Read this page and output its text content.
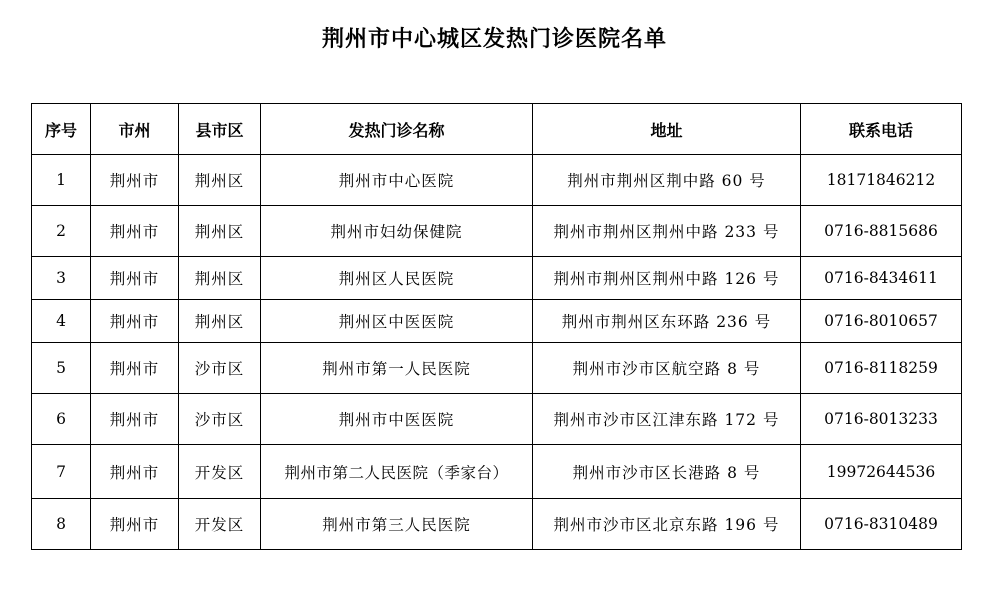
荆州市中心城区发热门诊医院名单
序号	市州	县市区	发热门诊名称	地址	联系电话
1	荆州市	荆州区	荆州市中心医院	荆州市荆州区荆中路 60 号	18171846212
2	荆州市	荆州区	荆州市妇幼保健院	荆州市荆州区荆州中路 233 号	0716-8815686
3	荆州市	荆州区	荆州区人民医院	荆州市荆州区荆州中路 126 号	0716-8434611
4	荆州市	荆州区	荆州区中医医院	荆州市荆州区东环路 236 号	0716-8010657
5	荆州市	沙市区	荆州市第一人民医院	荆州市沙市区航空路 8 号	0716-8118259
6	荆州市	沙市区	荆州市中医医院	荆州市沙市区江津东路 172 号	0716-8013233
7	荆州市	开发区	荆州市第二人民医院（季家台）	荆州市沙市区长港路 8 号	19972644536
8	荆州市	开发区	荆州市第三人民医院	荆州市沙市区北京东路 196 号	0716-8310489
